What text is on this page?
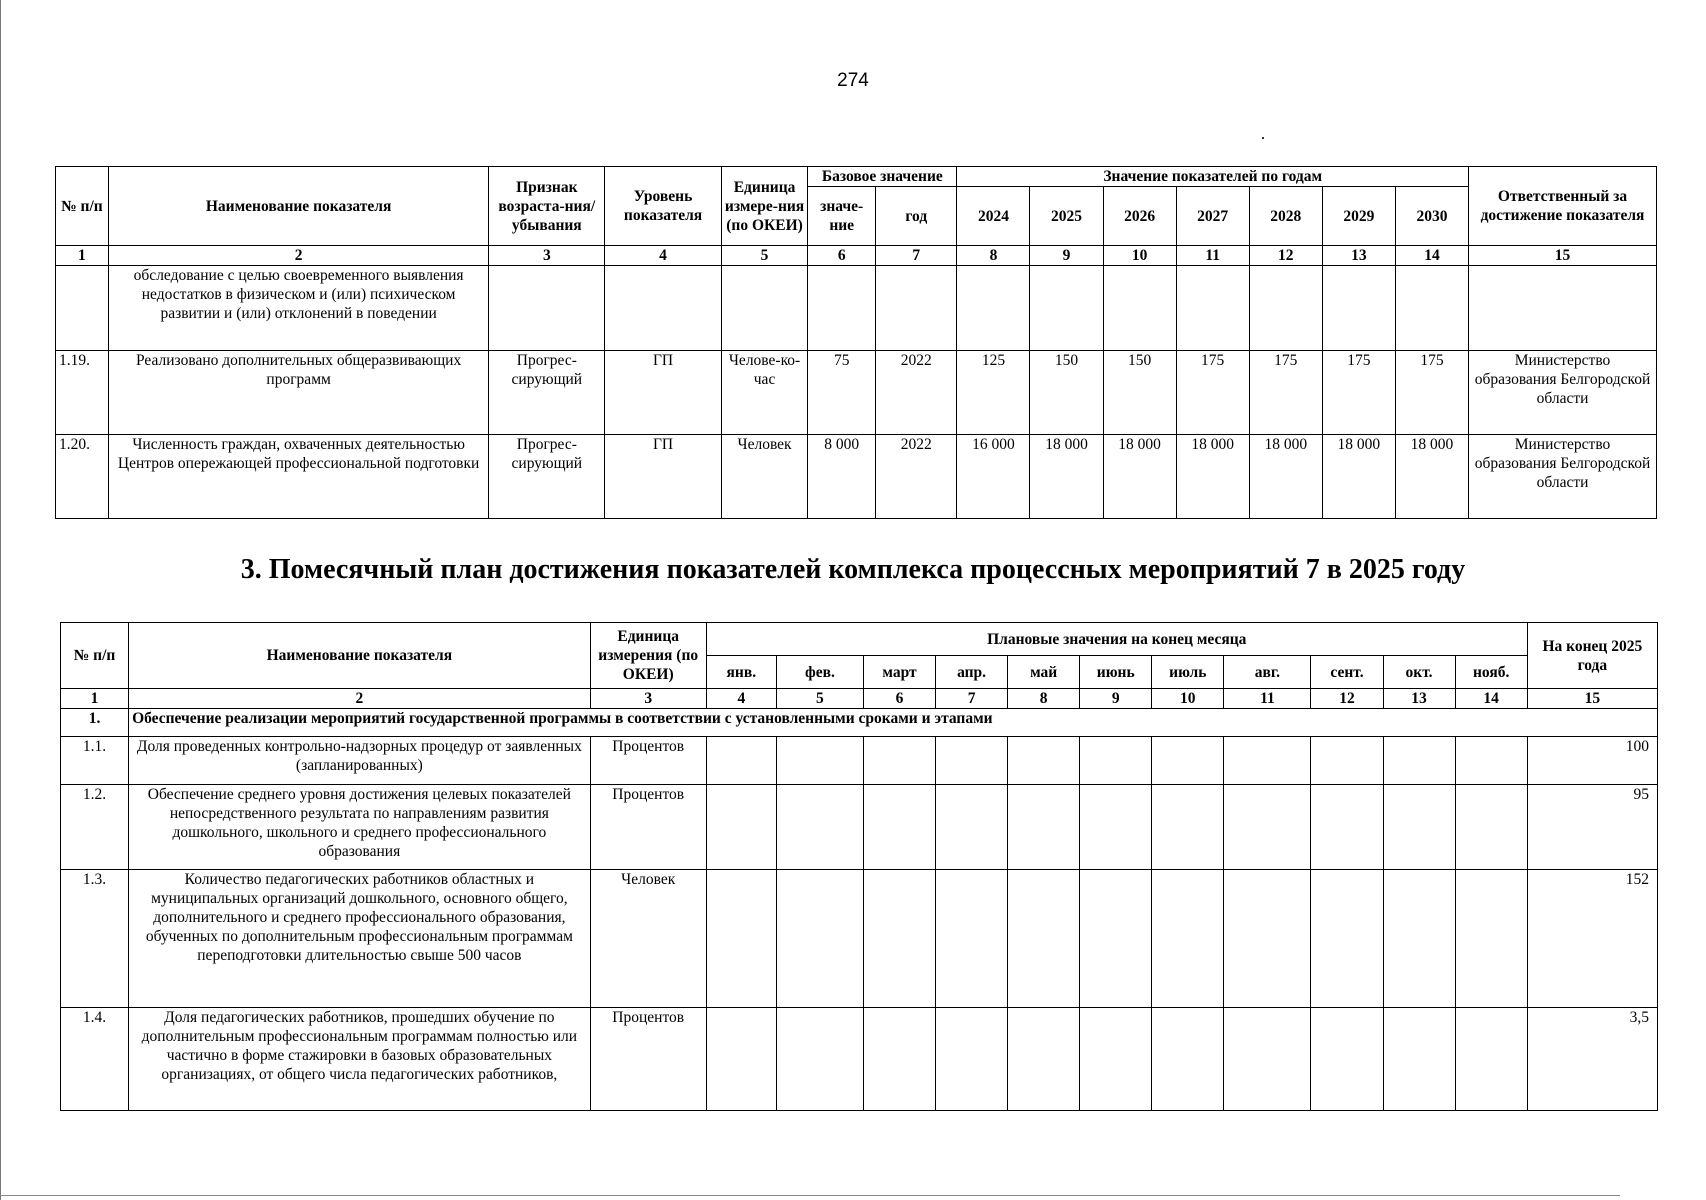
274
№ п/п	Наименование показателя	Признак возраста-ния/ убывания	Уровень показателя	Единица измере-ния (по ОКЕИ)	Базовое значение		Значение показателей по годам							Ответственный за достижение показателя
					значе-ние	год	2024	2025	2026	2027	2028	2029	2030	
1	2	3	4	5	6	7	8	9	10	11	12	13	14	15
	обследование с целью своевременного выявления недостатков в физическом и (или) психическом развитии и (или) отклонений в поведении													
1.19.	Реализовано дополнительных общеразвивающих программ	Прогрес-сирующий	ГП	Челове-ко-час	75	2022	125	150	150	175	175	175	175	Министерство образования Белгородской области
1.20.	Численность граждан, охваченных деятельностью Центров опережающей профессиональной подготовки	Прогрес-сирующий	ГП	Человек	8 000	2022	16 000	18 000	18 000	18 000	18 000	18 000	18 000	Министерство образования Белгородской области
3. Помесячный план достижения показателей комплекса процессных мероприятий 7 в 2025 году
№ п/п	Наименование показателя	Единица измерения (по ОКЕИ)	Плановые значения на конец месяца											На конец 2025 года
			янв.	фев.	март	апр.	май	июнь	июль	авг.	сент.	окт.	нояб.	
1	2	3	4	5	6	7	8	9	10	11	12	13	14	15
1.	Обеспечение реализации мероприятий государственной программы в соответствии с установленными сроками и этапами													
1.1.	Доля проведенных контрольно-надзорных процедур от заявленных (запланированных)	Процентов												100
1.2.	Обеспечение среднего уровня достижения целевых показателей непосредственного результата по направлениям развития дошкольного, школьного и среднего профессионального образования	Процентов												95
1.3.	Количество педагогических работников областных и муниципальных организаций дошкольного, основного общего, дополнительного и среднего профессионального образования, обученных по дополнительным профессиональным программам переподготовки длительностью свыше 500 часов	Человек												152
1.4.	Доля педагогических работников, прошедших обучение по дополнительным профессиональным программам полностью или частично в форме стажировки в базовых образовательных организациях, от общего числа педагогических работников,	Процентов												3,5
